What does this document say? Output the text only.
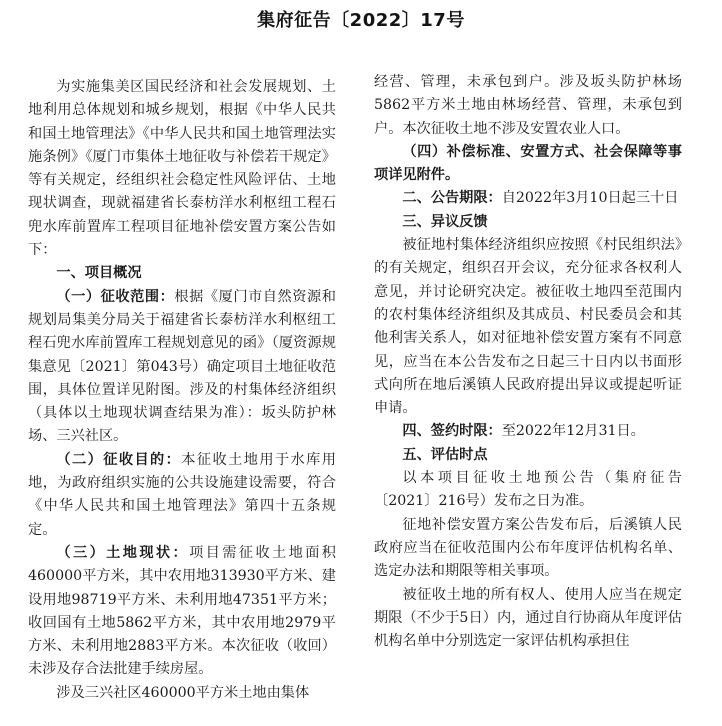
集府征告〔2022〕17号

为实施集美区国民经济和社会发展规划、土地利用总体规划和城乡规划，根据《中华人民共和国土地管理法》《中华人民共和国土地管理法实施条例》《厦门市集体土地征收与补偿若干规定》等有关规定，经组织社会稳定性风险评估、土地现状调查，现就福建省长泰枋洋水利枢纽工程石兜水库前置库工程项目征地补偿安置方案公告如下：

一、项目概况

（一）征收范围：根据《厦门市自然资源和规划局集美分局关于福建省长泰枋洋水利枢纽工程石兜水库前置库工程规划意见的函》（厦资源规集意见〔2021〕第043号）确定项目土地征收范围，具体位置详见附图。涉及的村集体经济组织（具体以土地现状调查结果为准）：坂头防护林场、三兴社区。

（二）征收目的：本征收土地用于水库用地，为政府组织实施的公共设施建设需要，符合《中华人民共和国土地管理法》第四十五条规定。

（三）土地现状：项目需征收土地面积460000平方米，其中农用地313930平方米、建设用地98719平方米、未利用地47351平方米；收回国有土地5862平方米，其中农用地2979平方米、未利用地2883平方米。本次征收（收回）未涉及存合法批建手续房屋。

涉及三兴社区460000平方米土地由集体

经营、管理，未承包到户。涉及坂头防护林场5862平方米土地由林场经营、管理，未承包到户。本次征收土地不涉及安置农业人口。

（四）补偿标准、安置方式、社会保障等事项详见附件。

二、公告期限：自2022年3月10日起三十日

三、异议反馈

被征地村集体经济组织应按照《村民组织法》的有关规定，组织召开会议，充分征求各权利人意见，并讨论研究决定。被征收土地四至范围内的农村集体经济组织及其成员、村民委员会和其他利害关系人，如对征地补偿安置方案有不同意见，应当在本公告发布之日起三十日内以书面形式向所在地后溪镇人民政府提出异议或提起听证申请。

四、签约时限：至2022年12月31日。

五、评估时点

以本项目征收土地预公告（集府征告〔2021〕216号）发布之日为准。

征地补偿安置方案公告发布后，后溪镇人民政府应当在征收范围内公布年度评估机构名单、选定办法和期限等相关事项。

被征收土地的所有权人、使用人应当在规定期限（不少于5日）内，通过自行协商从年度评估机构名单中分别选定一家评估机构承担住
